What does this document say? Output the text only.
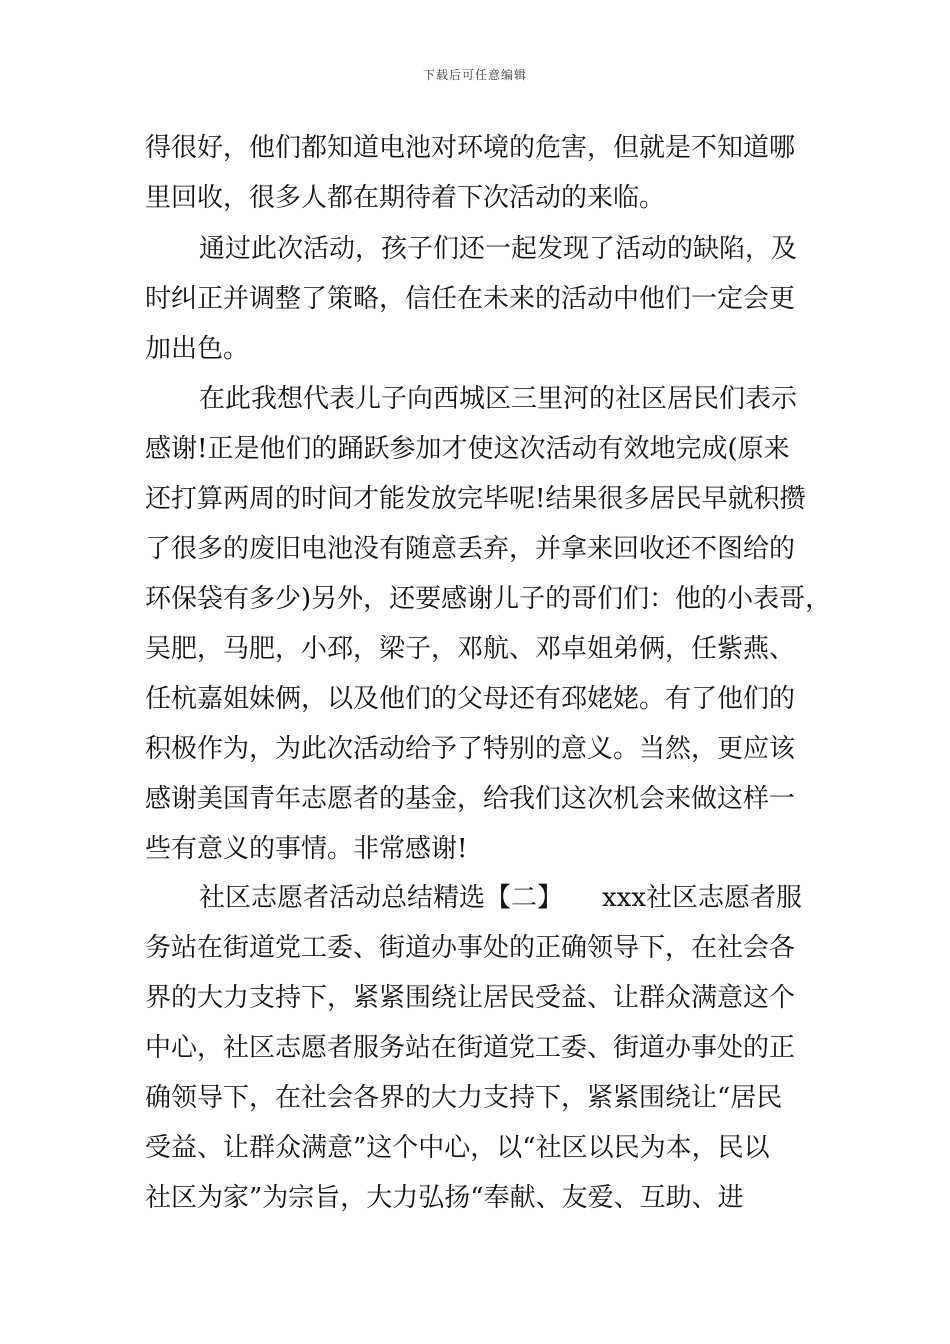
下载后可任意编辑
得很好，他们都知道电池对环境的危害，但就是不知道哪
里回收，很多人都在期待着下次活动的来临。
通过此次活动，孩子们还一起发现了活动的缺陷，及
时纠正并调整了策略，信任在未来的活动中他们一定会更
加出色。
在此我想代表儿子向西城区三里河的社区居民们表示
感谢!正是他们的踊跃参加才使这次活动有效地完成(原来
还打算两周的时间才能发放完毕呢!结果很多居民早就积攒
了很多的废旧电池没有随意丢弃，并拿来回收还不图给的
环保袋有多少)另外，还要感谢儿子的哥们们：他的小表哥，
吴肥，马肥，小邳，梁子，邓航、邓卓姐弟俩，任紫燕、
任杭嘉姐妹俩，以及他们的父母还有邳姥姥。有了他们的
积极作为，为此次活动给予了特别的意义。当然，更应该
感谢美国青年志愿者的基金，给我们这次机会来做这样一
些有意义的事情。非常感谢!
社区志愿者活动总结精选【二】　　xxx社区志愿者服
务站在街道党工委、街道办事处的正确领导下，在社会各
界的大力支持下，紧紧围绕让居民受益、让群众满意这个
中心，社区志愿者服务站在街道党工委、街道办事处的正
确领导下，在社会各界的大力支持下，紧紧围绕让“居民
受益、让群众满意”这个中心，以“社区以民为本，民以
社区为家”为宗旨，大力弘扬“奉献、友爱、互助、进
